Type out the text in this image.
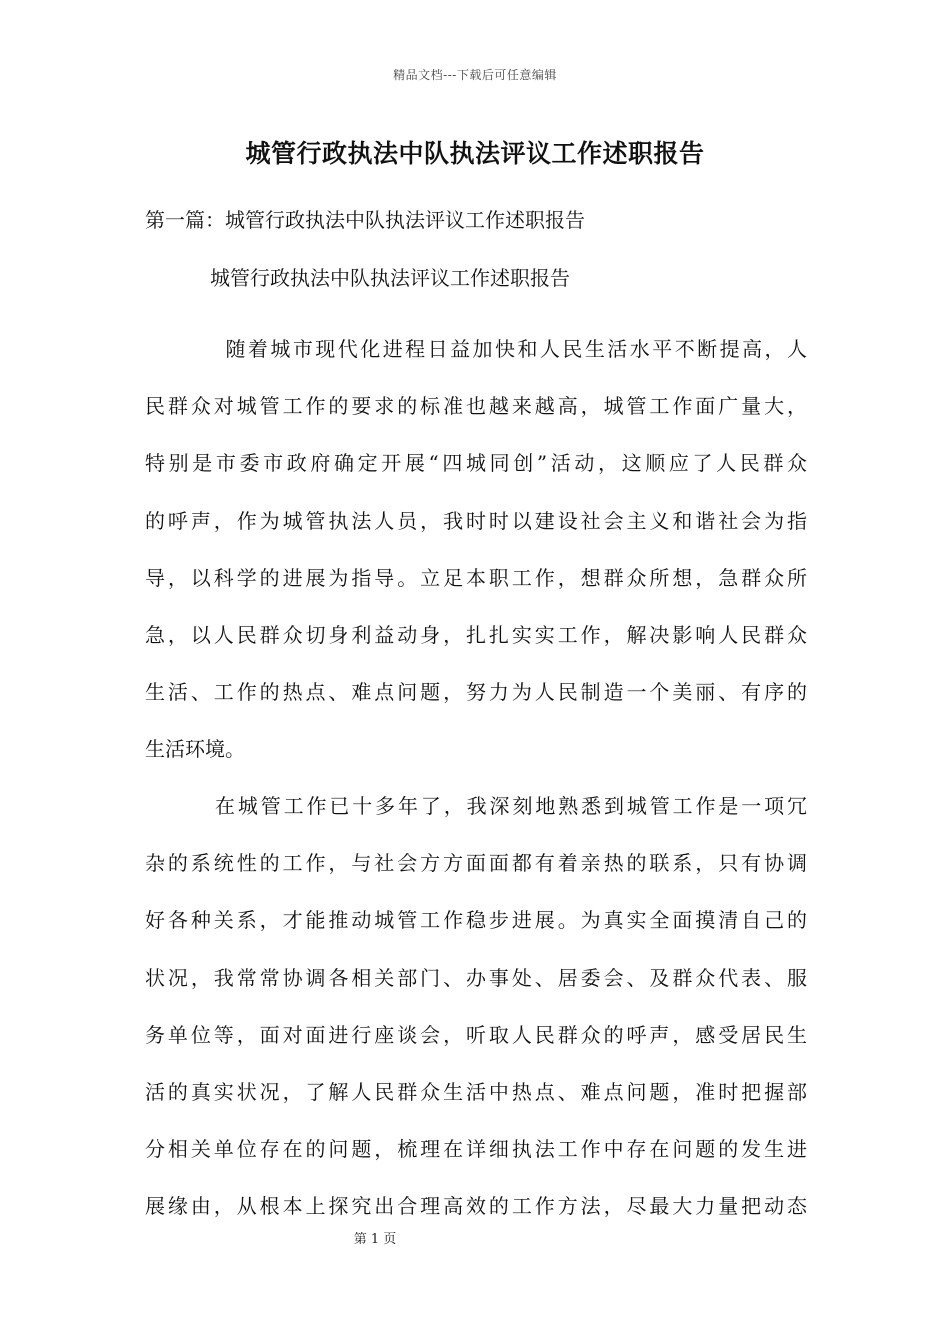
精品文档---下载后可任意编辑
城管行政执法中队执法评议工作述职报告
第一篇：城管行政执法中队执法评议工作述职报告
城管行政执法中队执法评议工作述职报告
　随着城市现代化进程日益加快和人民生活水平不断提高，人
民群众对城管工作的要求的标准也越来越高，城管工作面广量大，
特别是市委市政府确定开展“四城同创”活动，这顺应了人民群众
的呼声，作为城管执法人员，我时时以建设社会主义和谐社会为指
导，以科学的进展为指导。立足本职工作，想群众所想，急群众所
急，以人民群众切身利益动身，扎扎实实工作，解决影响人民群众
生活、工作的热点、难点问题，努力为人民制造一个美丽、有序的
生活环境。
在城管工作已十多年了，我深刻地熟悉到城管工作是一项冗
杂的系统性的工作，与社会方方面面都有着亲热的联系，只有协调
好各种关系，才能推动城管工作稳步进展。为真实全面摸清自己的
状况，我常常协调各相关部门、办事处、居委会、及群众代表、服
务单位等，面对面进行座谈会，听取人民群众的呼声，感受居民生
活的真实状况，了解人民群众生活中热点、难点问题，准时把握部
分相关单位存在的问题，梳理在详细执法工作中存在问题的发生进
展缘由，从根本上探究出合理高效的工作方法，尽最大力量把动态
第 1 页
